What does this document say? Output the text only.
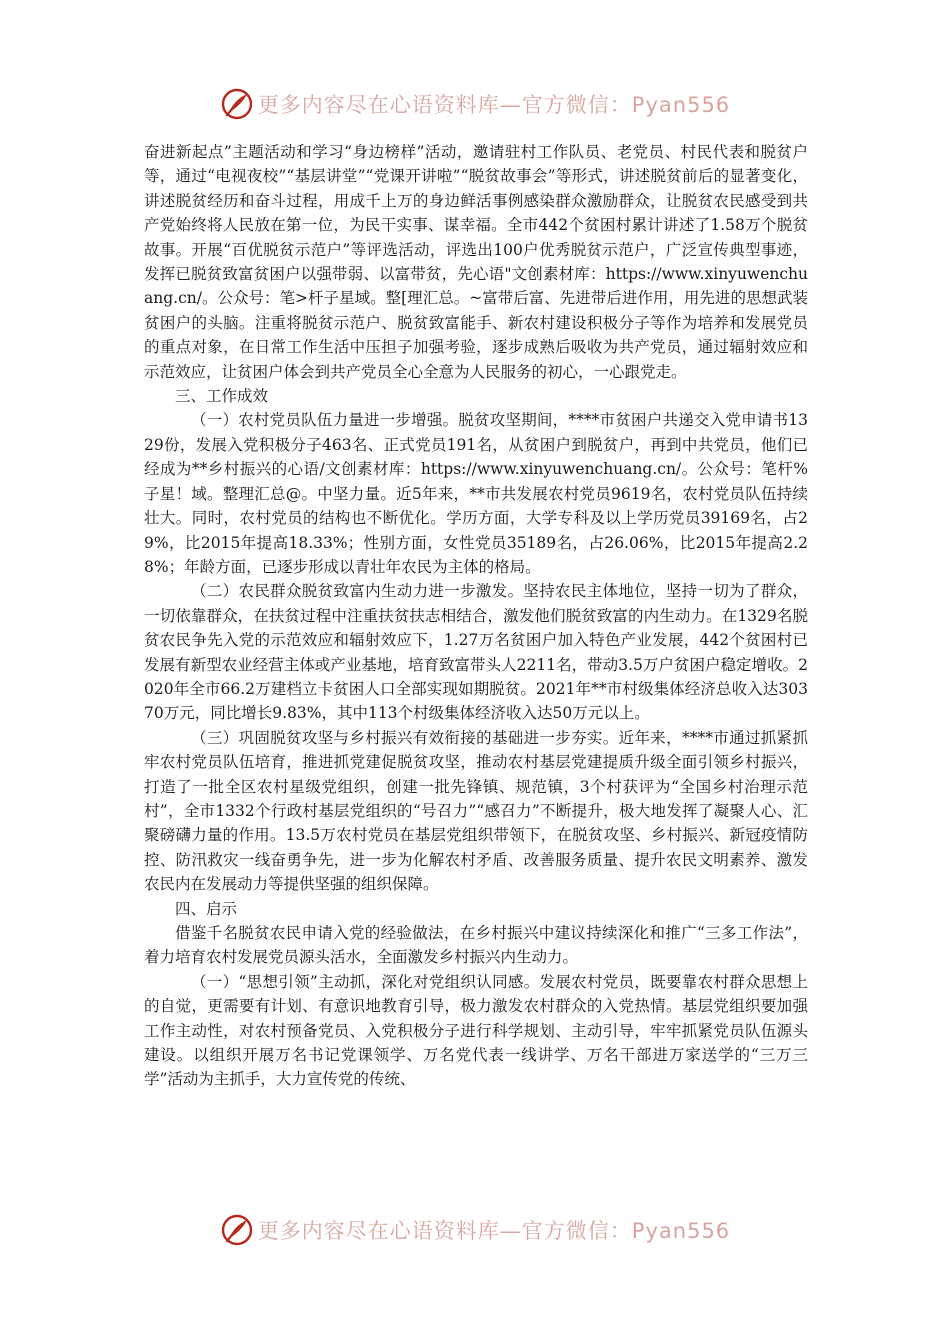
更多内容尽在心语资料库—官方微信：Pyan556

奋进新起点”主题活动和学习“身边榜样”活动，邀请驻村工作队员、老党员、村民代表和脱贫户等，通过“电视夜校”“基层讲堂”“党课开讲啦”“脱贫故事会”等形式，讲述脱贫前后的显著变化，讲述脱贫经历和奋斗过程，用成千上万的身边鲜活事例感染群众激励群众，让脱贫农民感受到共产党始终将人民放在第一位，为民干实事、谋幸福。全市442个贫困村累计讲述了1.58万个脱贫故事。开展“百优脱贫示范户”等评选活动，评选出100户优秀脱贫示范户，广泛宣传典型事迹，发挥已脱贫致富贫困户以强带弱、以富带贫，先心语"文创素材库：https://www.xinyuwenchuang.cn/。公众号：笔>杆子星域。整[理汇总。~富带后富、先进带后进作用，用先进的思想武装贫困户的头脑。注重将脱贫示范户、脱贫致富能手、新农村建设积极分子等作为培养和发展党员的重点对象，在日常工作生活中压担子加强考验，逐步成熟后吸收为共产党员，通过辐射效应和示范效应，让贫困户体会到共产党员全心全意为人民服务的初心，一心跟党走。

三、工作成效

（一）农村党员队伍力量进一步增强。脱贫攻坚期间，****市贫困户共递交入党申请书1329份，发展入党积极分子463名、正式党员191名，从贫困户到脱贫户，再到中共党员，他们已经成为**乡村振兴的心语/文创素材库：https://www.xinyuwenchuang.cn/。公众号：笔杆%子星！域。整理汇总@。中坚力量。近5年来，**市共发展农村党员9619名，农村党员队伍持续壮大。同时，农村党员的结构也不断优化。学历方面，大学专科及以上学历党员39169名，占29%，比2015年提高18.33%；性别方面，女性党员35189名，占26.06%，比2015年提高2.28%；年龄方面，已逐步形成以青壮年农民为主体的格局。

（二）农民群众脱贫致富内生动力进一步激发。坚持农民主体地位，坚持一切为了群众，一切依靠群众，在扶贫过程中注重扶贫扶志相结合，激发他们脱贫致富的内生动力。在1329名脱贫农民争先入党的示范效应和辐射效应下，1.27万名贫困户加入特色产业发展，442个贫困村已发展有新型农业经营主体或产业基地，培育致富带头人2211名，带动3.5万户贫困户稳定增收。2020年全市66.2万建档立卡贫困人口全部实现如期脱贫。2021年**市村级集体经济总收入达30370万元，同比增长9.83%，其中113个村级集体经济收入达50万元以上。

（三）巩固脱贫攻坚与乡村振兴有效衔接的基础进一步夯实。近年来，****市通过抓紧抓牢农村党员队伍培育，推进抓党建促脱贫攻坚，推动农村基层党建提质升级全面引领乡村振兴，打造了一批全区农村星级党组织，创建一批先锋镇、规范镇，3个村获评为“全国乡村治理示范村”，全市1332个行政村基层党组织的“号召力”“感召力”不断提升，极大地发挥了凝聚人心、汇聚磅礴力量的作用。13.5万农村党员在基层党组织带领下，在脱贫攻坚、乡村振兴、新冠疫情防控、防汛救灾一线奋勇争先，进一步为化解农村矛盾、改善服务质量、提升农民文明素养、激发农民内在发展动力等提供坚强的组织保障。

四、启示

借鉴千名脱贫农民申请入党的经验做法，在乡村振兴中建议持续深化和推广“三多工作法”，着力培育农村发展党员源头活水，全面激发乡村振兴内生动力。

（一）“思想引领”主动抓，深化对党组织认同感。发展农村党员，既要靠农村群众思想上的自觉，更需要有计划、有意识地教育引导，极力激发农村群众的入党热情。基层党组织要加强工作主动性，对农村预备党员、入党积极分子进行科学规划、主动引导，牢牢抓紧党员队伍源头建设。以组织开展万名书记党课领学、万名党代表一线讲学、万名干部进万家送学的“三万三学”活动为主抓手，大力宣传党的传统、

更多内容尽在心语资料库—官方微信：Pyan556
